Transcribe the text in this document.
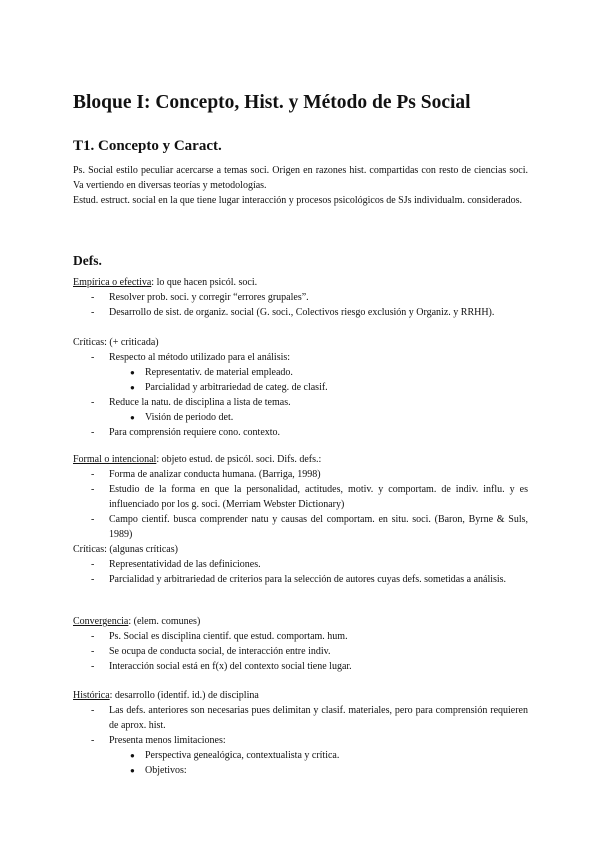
Bloque I: Concepto, Hist. y Método de Ps Social
T1. Concepto y Caract.
Ps. Social estilo peculiar acercarse a temas soci. Origen en razones hist. compartidas con resto de ciencias soci. Va vertiendo en diversas teorías y metodologías.
Estud. estruct. social en la que tiene lugar interacción y procesos psicológicos de SJs individualm. considerados.
Defs.
Empírica o efectiva: lo que hacen psicól. soci.
- Resolver prob. soci. y corregir “errores grupales”.
- Desarrollo de sist. de organiz. social (G. soci., Colectivos riesgo exclusión y Organiz. y RRHH).
Críticas: (+ criticada)
- Respecto al método utilizado para el análisis:
● Representativ. de material empleado.
● Parcialidad y arbitrariedad de categ. de clasif.
- Reduce la natu. de disciplina a lista de temas.
● Visión de periodo det.
- Para comprensión requiere cono. contexto.
Formal o intencional: objeto estud. de psicól. soci. Difs. defs.:
- Forma de analizar conducta humana. (Barriga, 1998)
- Estudio de la forma en que la personalidad, actitudes, motiv. y comportam. de indiv. influ. y es influenciado por los g. soci. (Merriam Webster Dictionary)
- Campo cientif. busca comprender natu y causas del comportam. en situ. soci. (Baron, Byrne & Suls, 1989)
Críticas: (algunas críticas)
- Representatividad de las definiciones.
- Parcialidad y arbitrariedad de criterios para la selección de autores cuyas defs. sometidas a análisis.
Convergencia: (elem. comunes)
- Ps. Social es disciplina cientif. que estud. comportam. hum.
- Se ocupa de conducta social, de interacción entre indiv.
- Interacción social está en f(x) del contexto social tiene lugar.
Histórica: desarrollo (identif. id.) de disciplina
- Las defs. anteriores son necesarias pues delimitan y clasif. materiales, pero para comprensión requieren de aprox. hist.
- Presenta menos limitaciones:
● Perspectiva genealógica, contextualista y crítica.
● Objetivos:
